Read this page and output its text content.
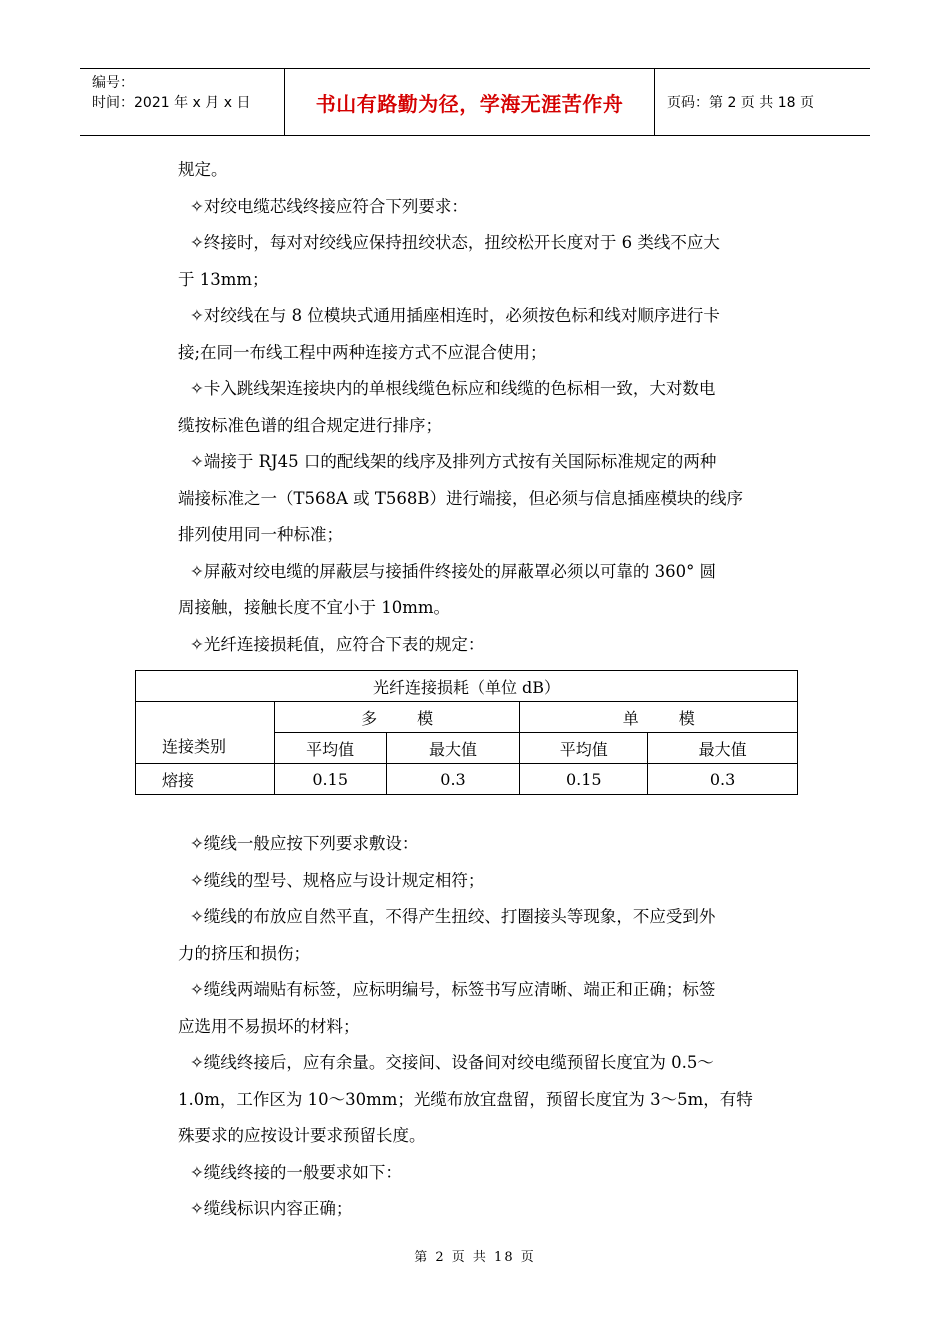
编号：
时间：2021 年 x 月 x 日	书山有路勤为径，学海无涯苦作舟	页码：第 2 页 共 18 页

规定。

✧对绞电缆芯线终接应符合下列要求：

✧终接时，每对对绞线应保持扭绞状态，扭绞松开长度对于 6 类线不应大

于 13mm；

✧对绞线在与 8 位模块式通用插座相连时，必须按色标和线对顺序进行卡

接;在同一布线工程中两种连接方式不应混合使用；

✧卡入跳线架连接块内的单根线缆色标应和线缆的色标相一致，大对数电

缆按标准色谱的组合规定进行排序；

✧端接于 RJ45 口的配线架的线序及排列方式按有关国际标准规定的两种

端接标准之一（T568A 或 T568B）进行端接，但必须与信息插座模块的线序

排列使用同一种标准；

✧屏蔽对绞电缆的屏蔽层与接插件终接处的屏蔽罩必须以可靠的 360° 圆

周接触，接触长度不宜小于 10mm。

✧光纤连接损耗值，应符合下表的规定：

光纤连接损耗（单位 dB）				
连接类别	多模		单模	
	平均值	最大值	平均值	最大值
熔接	0.15	0.3	0.15	0.3

✧缆线一般应按下列要求敷设：

✧缆线的型号、规格应与设计规定相符；

✧缆线的布放应自然平直，不得产生扭绞、打圈接头等现象，不应受到外

力的挤压和损伤；

✧缆线两端贴有标签，应标明编号，标签书写应清晰、端正和正确；标签

应选用不易损坏的材料；

✧缆线终接后，应有余量。交接间、设备间对绞电缆预留长度宜为 0.5～

1.0m，工作区为 10～30mm；光缆布放宜盘留，预留长度宜为 3～5m，有特

殊要求的应按设计要求预留长度。

✧缆线终接的一般要求如下：

✧缆线标识内容正确；

第 2 页 共 18 页
